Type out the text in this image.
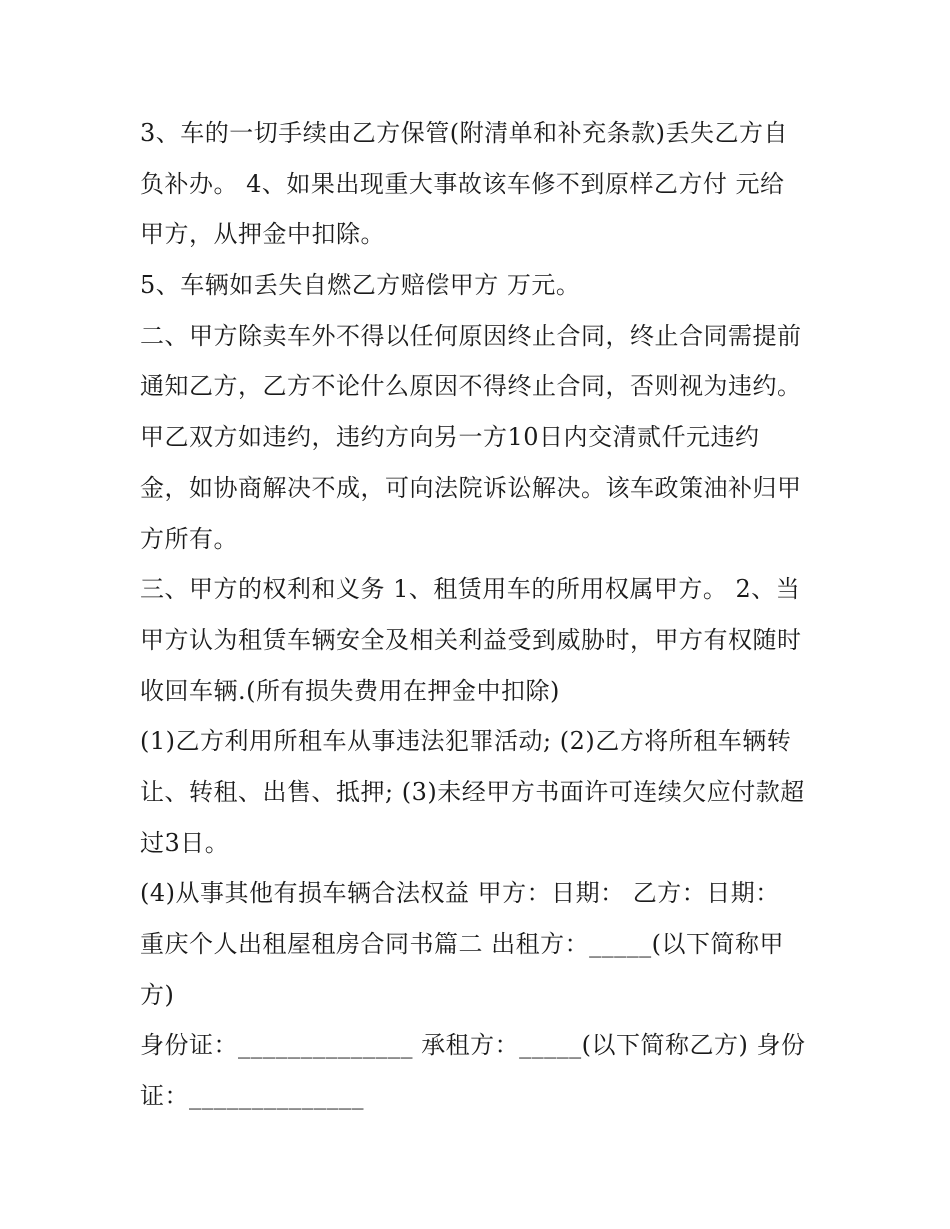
3、车的一切手续由乙方保管(附清单和补充条款)丢失乙方自
负补办。 4、如果出现重大事故该车修不到原样乙方付 元给
甲方，从押金中扣除。
5、车辆如丢失自燃乙方赔偿甲方 万元。
二、甲方除卖车外不得以任何原因终止合同，终止合同需提前
通知乙方，乙方不论什么原因不得终止合同，否则视为违约。
甲乙双方如违约，违约方向另一方10日内交清贰仟元违约
金，如协商解决不成，可向法院诉讼解决。该车政策油补归甲
方所有。
三、甲方的权利和义务 1、租赁用车的所用权属甲方。 2、当
甲方认为租赁车辆安全及相关利益受到威胁时，甲方有权随时
收回车辆.(所有损失费用在押金中扣除)
(1)乙方利用所租车从事违法犯罪活动; (2)乙方将所租车辆转
让、转租、出售、抵押; (3)未经甲方书面许可连续欠应付款超
过3日。
(4)从事其他有损车辆合法权益 甲方：日期： 乙方：日期：
重庆个人出租屋租房合同书篇二 出租方：_____(以下简称甲
方)
身份证：______________ 承租方：_____(以下简称乙方) 身份
证：______________
